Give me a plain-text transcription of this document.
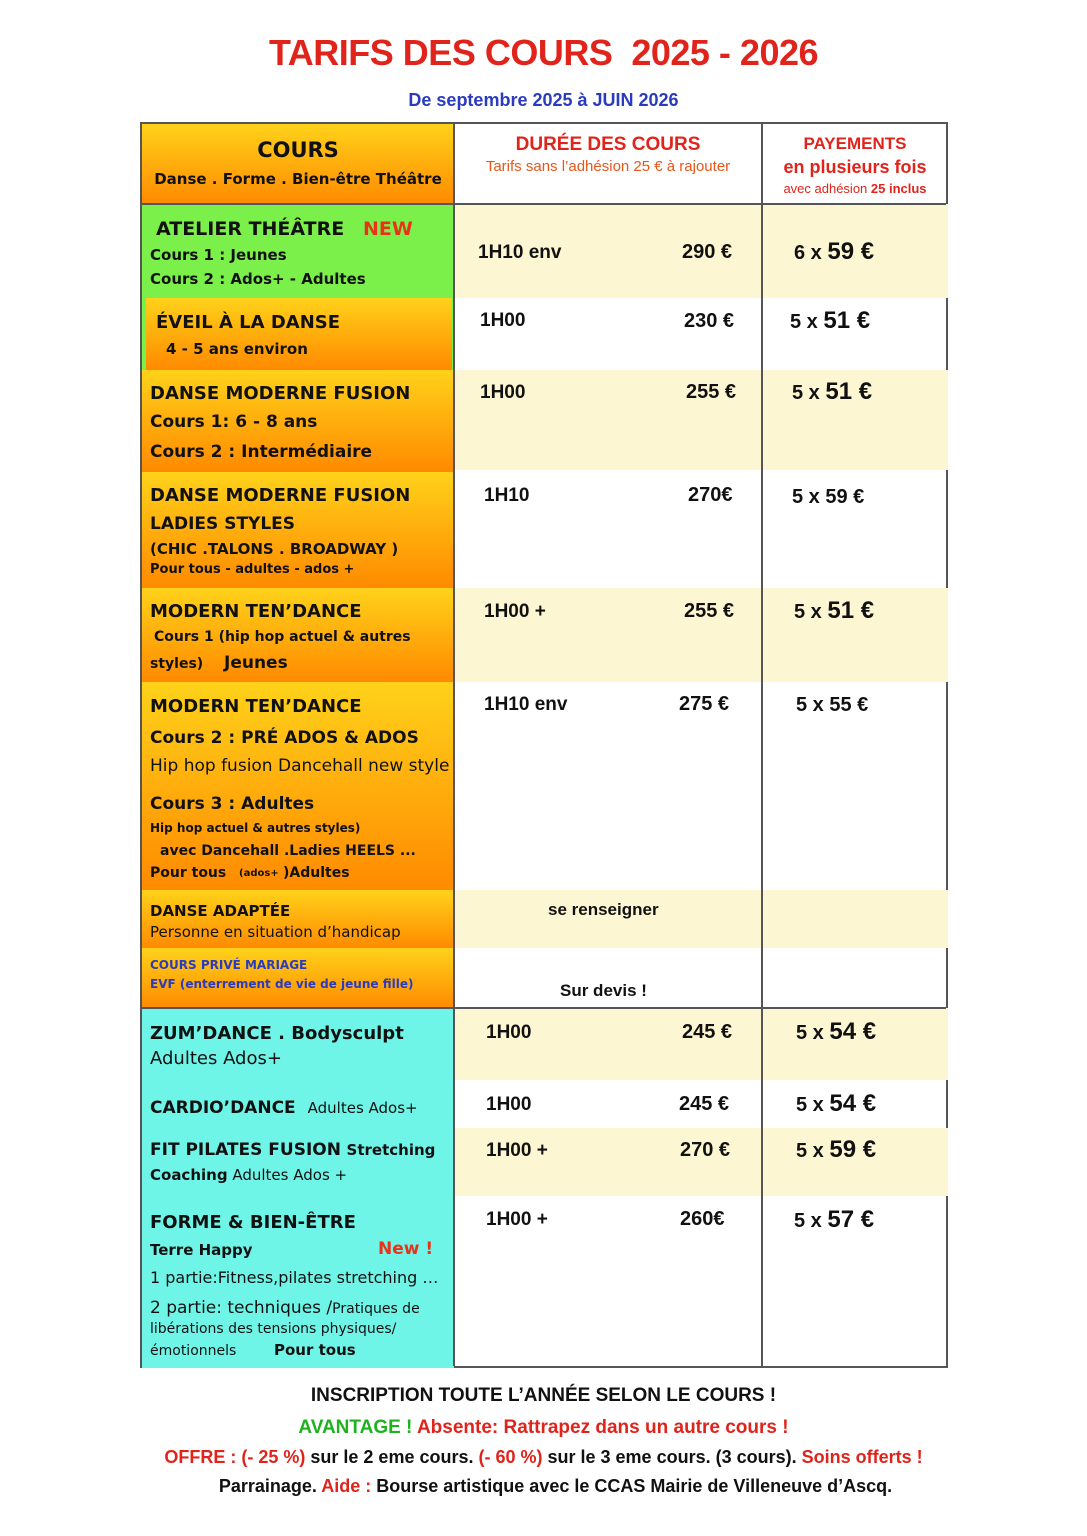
TARIFS DES COURS  2025 - 2026
De septembre 2025 à JUIN 2026
COURS
Danse . Forme . Bien-être Théâtre
DURÉE DES COURS
Tarifs sans l’adhésion 25 € à rajouter
PAYEMENTS
en plusieurs fois
avec adhésion 25 inclus
ATELIER THÉÂTRE NEW
Cours 1 : Jeunes
Cours 2 : Ados+ - Adultes
1H10 env	290 €	6 x 59 €
ÉVEIL À LA DANSE
4 - 5 ans environ
1H00	230 €	5 x 51 €
DANSE MODERNE FUSION
Cours 1: 6 - 8 ans
Cours 2 : Intermédiaire
1H00	255 €	5 x 51 €
DANSE MODERNE FUSION
LADIES STYLES
(CHIC .TALONS . BROADWAY )
Pour tous - adultes - ados +
1H10	270€	5 x 59 €
MODERN TEN’DANCE
Cours 1 (hip hop actuel & autres
styles) Jeunes
1H00 +	255 €	5 x 51 €
MODERN TEN’DANCE
Cours 2 : PRÉ ADOS & ADOS
Hip hop fusion Dancehall new style
Cours 3 : Adultes
Hip hop actuel & autres styles)
avec Dancehall .Ladies HEELS ...
Pour tous (ados+ )Adultes
1H10 env	275 €	5 x 55 €
DANSE ADAPTÉE
Personne en situation d’handicap
se renseigner
COURS PRIVÉ MARIAGE
EVF (enterrement de vie de jeune fille)	Sur devis !
ZUM’DANCE . Bodysculpt
Adultes Ados+
1H00	245 €	5 x 54 €
CARDIO’DANCE Adultes Ados+	1H00	245 €	5 x 54 €
FIT PILATES FUSION Stretching
Coaching Adultes Ados +
1H00 +	270 €	5 x 59 €
FORME & BIEN-ÊTRE
Terre Happy	New !
1 partie:Fitness,pilates stretching …
2 partie: techniques /Pratiques de
libérations des tensions physiques/
émotionnels	Pour tous
1H00 +	260€	5 x 57 €
INSCRIPTION TOUTE L’ANNÉE SELON LE COURS !
AVANTAGE ! Absente: Rattrapez dans un autre cours !
OFFRE : (- 25 %) sur le 2 eme cours. (- 60 %) sur le 3 eme cours. (3 cours). Soins offerts !
Parrainage. Aide : Bourse artistique avec le CCAS Mairie de Villeneuve d’Ascq.
